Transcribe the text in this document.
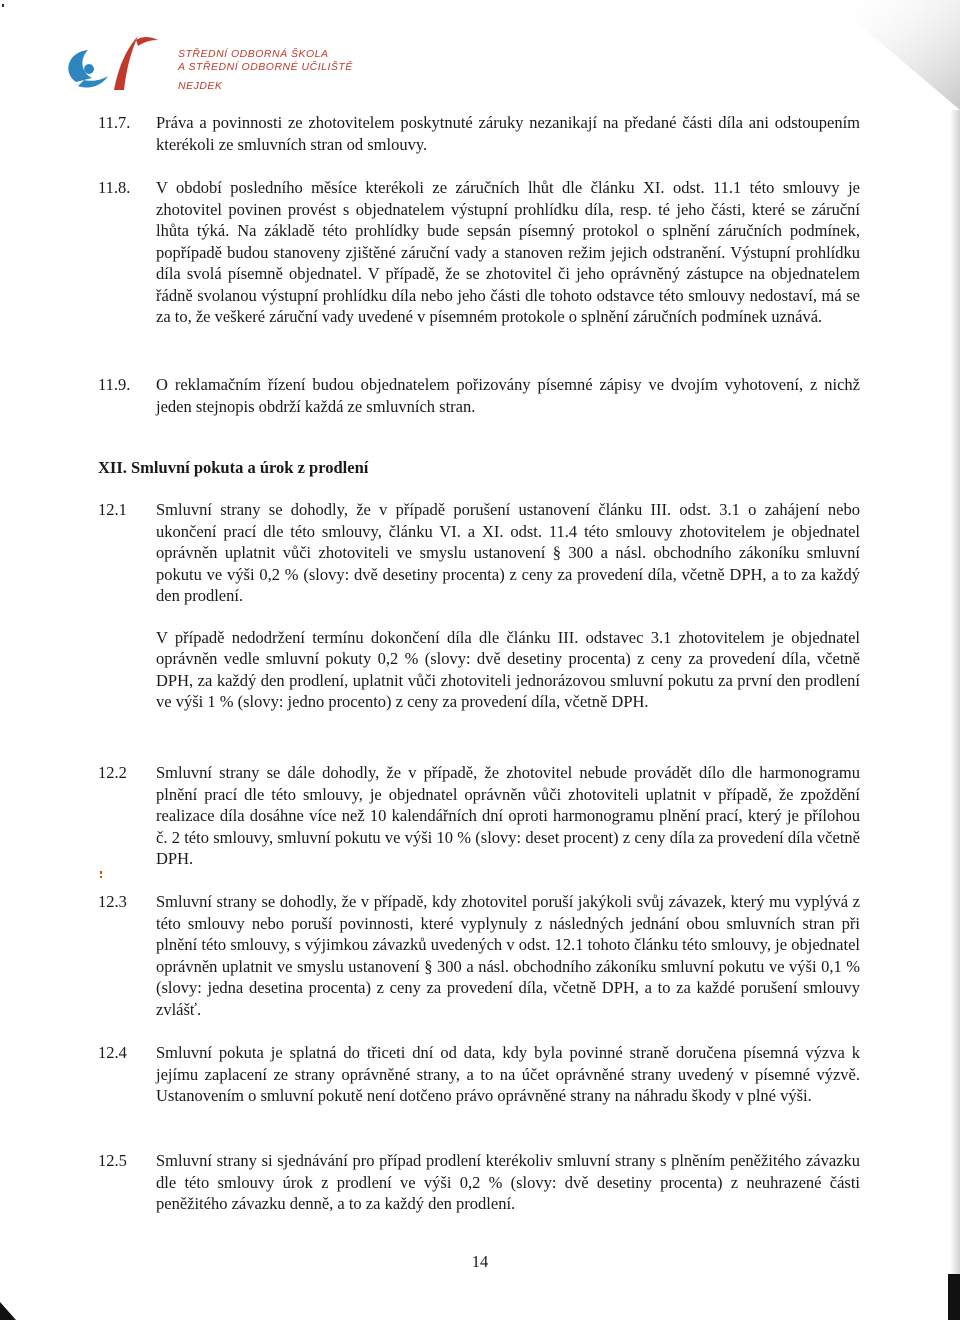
STŘEDNÍ ODBORNÁ ŠKOLA
A STŘEDNÍ ODBORNÉ UČILIŠTĚ
NEJDEK
11.7.	Práva a povinnosti ze zhotovitelem poskytnuté záruky nezanikají na předané části díla ani odstoupením kterékoli ze smluvních stran od smlouvy.
11.8.	V období posledního měsíce kterékoli ze záručních lhůt dle článku XI. odst. 11.1 této smlouvy je zhotovitel povinen provést s objednatelem výstupní prohlídku díla, resp. té jeho části, které se záruční lhůta týká. Na základě této prohlídky bude sepsán písemný protokol o splnění záručních podmínek, popřípadě budou stanoveny zjištěné záruční vady a stanoven režim jejich odstranění. Výstupní prohlídku díla svolá písemně objednatel. V případě, že se zhotovitel či jeho oprávněný zástupce na objednatelem řádně svolanou výstupní prohlídku díla nebo jeho části dle tohoto odstavce této smlouvy nedostaví, má se za to, že veškeré záruční vady uvedené v písemném protokole o splnění záručních podmínek uznává.
11.9.	O reklamačním řízení budou objednatelem pořizovány písemné zápisy ve dvojím vyhotovení, z nichž jeden stejnopis obdrží každá ze smluvních stran.
XII. Smluvní pokuta a úrok z prodlení
12.1	Smluvní strany se dohodly, že v případě porušení ustanovení článku III. odst. 3.1 o zahájení nebo ukončení prací dle této smlouvy, článku VI. a XI. odst. 11.4 této smlouvy zhotovitelem je objednatel oprávněn uplatnit vůči zhotoviteli ve smyslu ustanovení § 300 a násl. obchodního zákoníku smluvní pokutu ve výši 0,2 % (slovy: dvě desetiny procenta) z ceny za provedení díla, včetně DPH, a to za každý den prodlení.

V případě nedodržení termínu dokončení díla dle článku III. odstavec 3.1 zhotovitelem je objednatel oprávněn vedle smluvní pokuty 0,2 % (slovy: dvě desetiny procenta) z ceny za provedení díla, včetně DPH, za každý den prodlení, uplatnit vůči zhotoviteli jednorázovou smluvní pokutu za první den prodlení ve výši 1 % (slovy: jedno procento) z ceny za provedení díla, včetně DPH.

12.2	Smluvní strany se dále dohodly, že v případě, že zhotovitel nebude provádět dílo dle harmonogramu plnění prací dle této smlouvy, je objednatel oprávněn vůči zhotoviteli uplatnit v případě, že zpoždění realizace díla dosáhne více než 10 kalendářních dní oproti harmonogramu plnění prací, který je přílohou č. 2 této smlouvy, smluvní pokutu ve výši 10 % (slovy: deset procent) z ceny díla za provedení díla včetně DPH.
12.3	Smluvní strany se dohodly, že v případě, kdy zhotovitel poruší jakýkoli svůj závazek, který mu vyplývá z této smlouvy nebo poruší povinnosti, které vyplynuly z následných jednání obou smluvních stran při plnění této smlouvy, s výjimkou závazků uvedených v odst. 12.1 tohoto článku této smlouvy, je objednatel oprávněn uplatnit ve smyslu ustanovení § 300 a násl. obchodního zákoníku smluvní pokutu ve výši 0,1 % (slovy: jedna desetina procenta) z ceny za provedení díla, včetně DPH, a to za každé porušení smlouvy zvlášť.
12.4	Smluvní pokuta je splatná do třiceti dní od data, kdy byla povinné straně doručena písemná výzva k jejímu zaplacení ze strany oprávněné strany, a to na účet oprávněné strany uvedený v písemné výzvě. Ustanovením o smluvní pokutě není dotčeno právo oprávněné strany na náhradu škody v plné výši.
12.5	Smluvní strany si sjednávání pro případ prodlení kterékoliv smluvní strany s plněním peněžitého závazku dle této smlouvy úrok z prodlení ve výši 0,2 % (slovy: dvě desetiny procenta) z neuhrazené části peněžitého závazku denně, a to za každý den prodlení.
14
